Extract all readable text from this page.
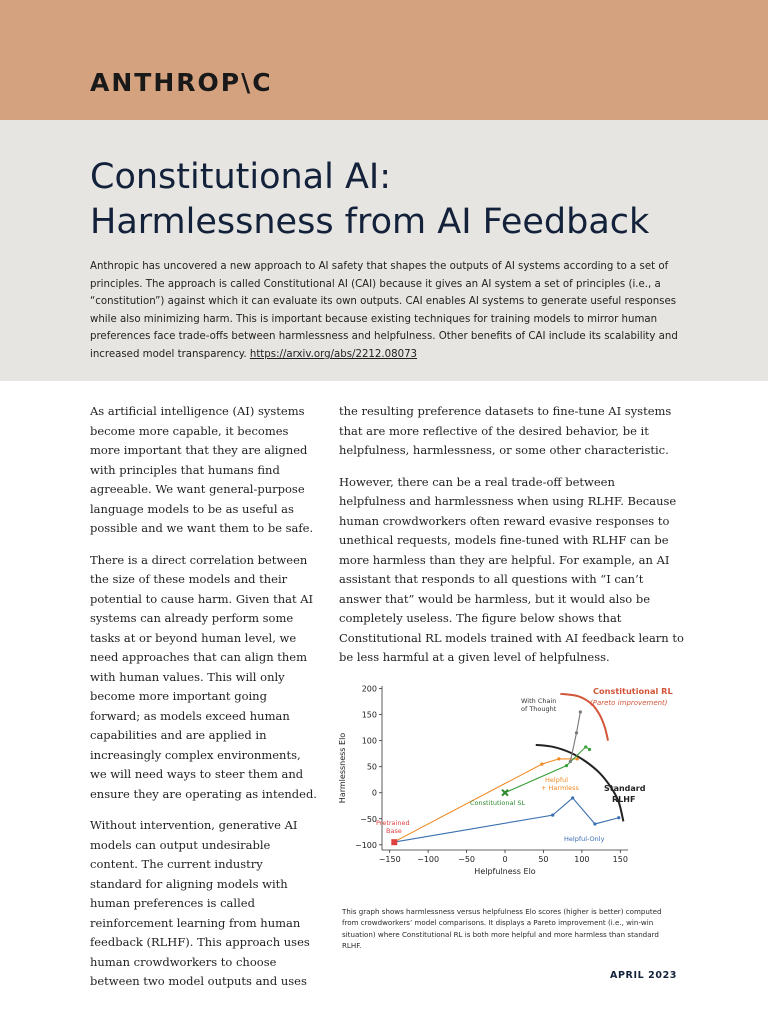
ANTHROP\C
Constitutional AI:
Harmlessness from AI Feedback

Anthropic has uncovered a new approach to AI safety that shapes the outputs of AI systems according to a set of principles. The approach is called Constitutional AI (CAI) because it gives an AI system a set of principles (i.e., a “constitution”) against which it can evaluate its own outputs. CAI enables AI systems to generate useful responses while also minimizing harm. This is important because existing techniques for training models to mirror human preferences face trade-offs between harmlessness and helpfulness. Other benefits of CAI include its scalability and increased model transparency. https://arxiv.org/abs/2212.08073

As artificial intelligence (AI) systems become more capable, it becomes more important that they are aligned with principles that humans find agreeable. We want general-purpose language models to be as useful as possible and we want them to be safe.

There is a direct correlation between the size of these models and their potential to cause harm. Given that AI systems can already perform some tasks at or beyond human level, we need approaches that can align them with human values. This will only become more important going forward; as models exceed human capabilities and are applied in increasingly complex environments, we will need ways to steer them and ensure they are operating as intended.

Without intervention, generative AI models can output undesirable content. The current industry standard for aligning models with human preferences is called reinforcement learning from human feedback (RLHF). This approach uses human crowdworkers to choose between two model outputs and uses

the resulting preference datasets to fine-tune AI systems that are more reflective of the desired behavior, be it helpfulness, harmlessness, or some other characteristic.

However, there can be a real trade-off between helpfulness and harmlessness when using RLHF. Because human crowdworkers often reward evasive responses to unethical requests, models fine-tuned with RLHF can be more harmless than they are helpful. For example, an AI assistant that responds to all questions with “I can’t answer that” would be harmless, but it would also be completely useless. The figure below shows that Constitutional RL models trained with AI feedback learn to be less harmful at a given level of helpfulness.

−150 −100 −50	0	50	100	150
−100
−50
0
50
100
150
200
Helpfulness Elo
Harmlessness Elo
Constitutional RL
(Pareto improvement)
With Chain
of Thought
Helpful
+ Harmless
Constitutional SL
Standard
RLHF
Pretrained
Base
Helpful-Only

This graph shows harmlessness versus helpfulness Elo scores (higher is better) computed from crowdworkers’ model comparisons. It displays a Pareto improvement (i.e., win-win situation) where Constitutional RL is both more helpful and more harmless than standard RLHF.

APRIL 2023
